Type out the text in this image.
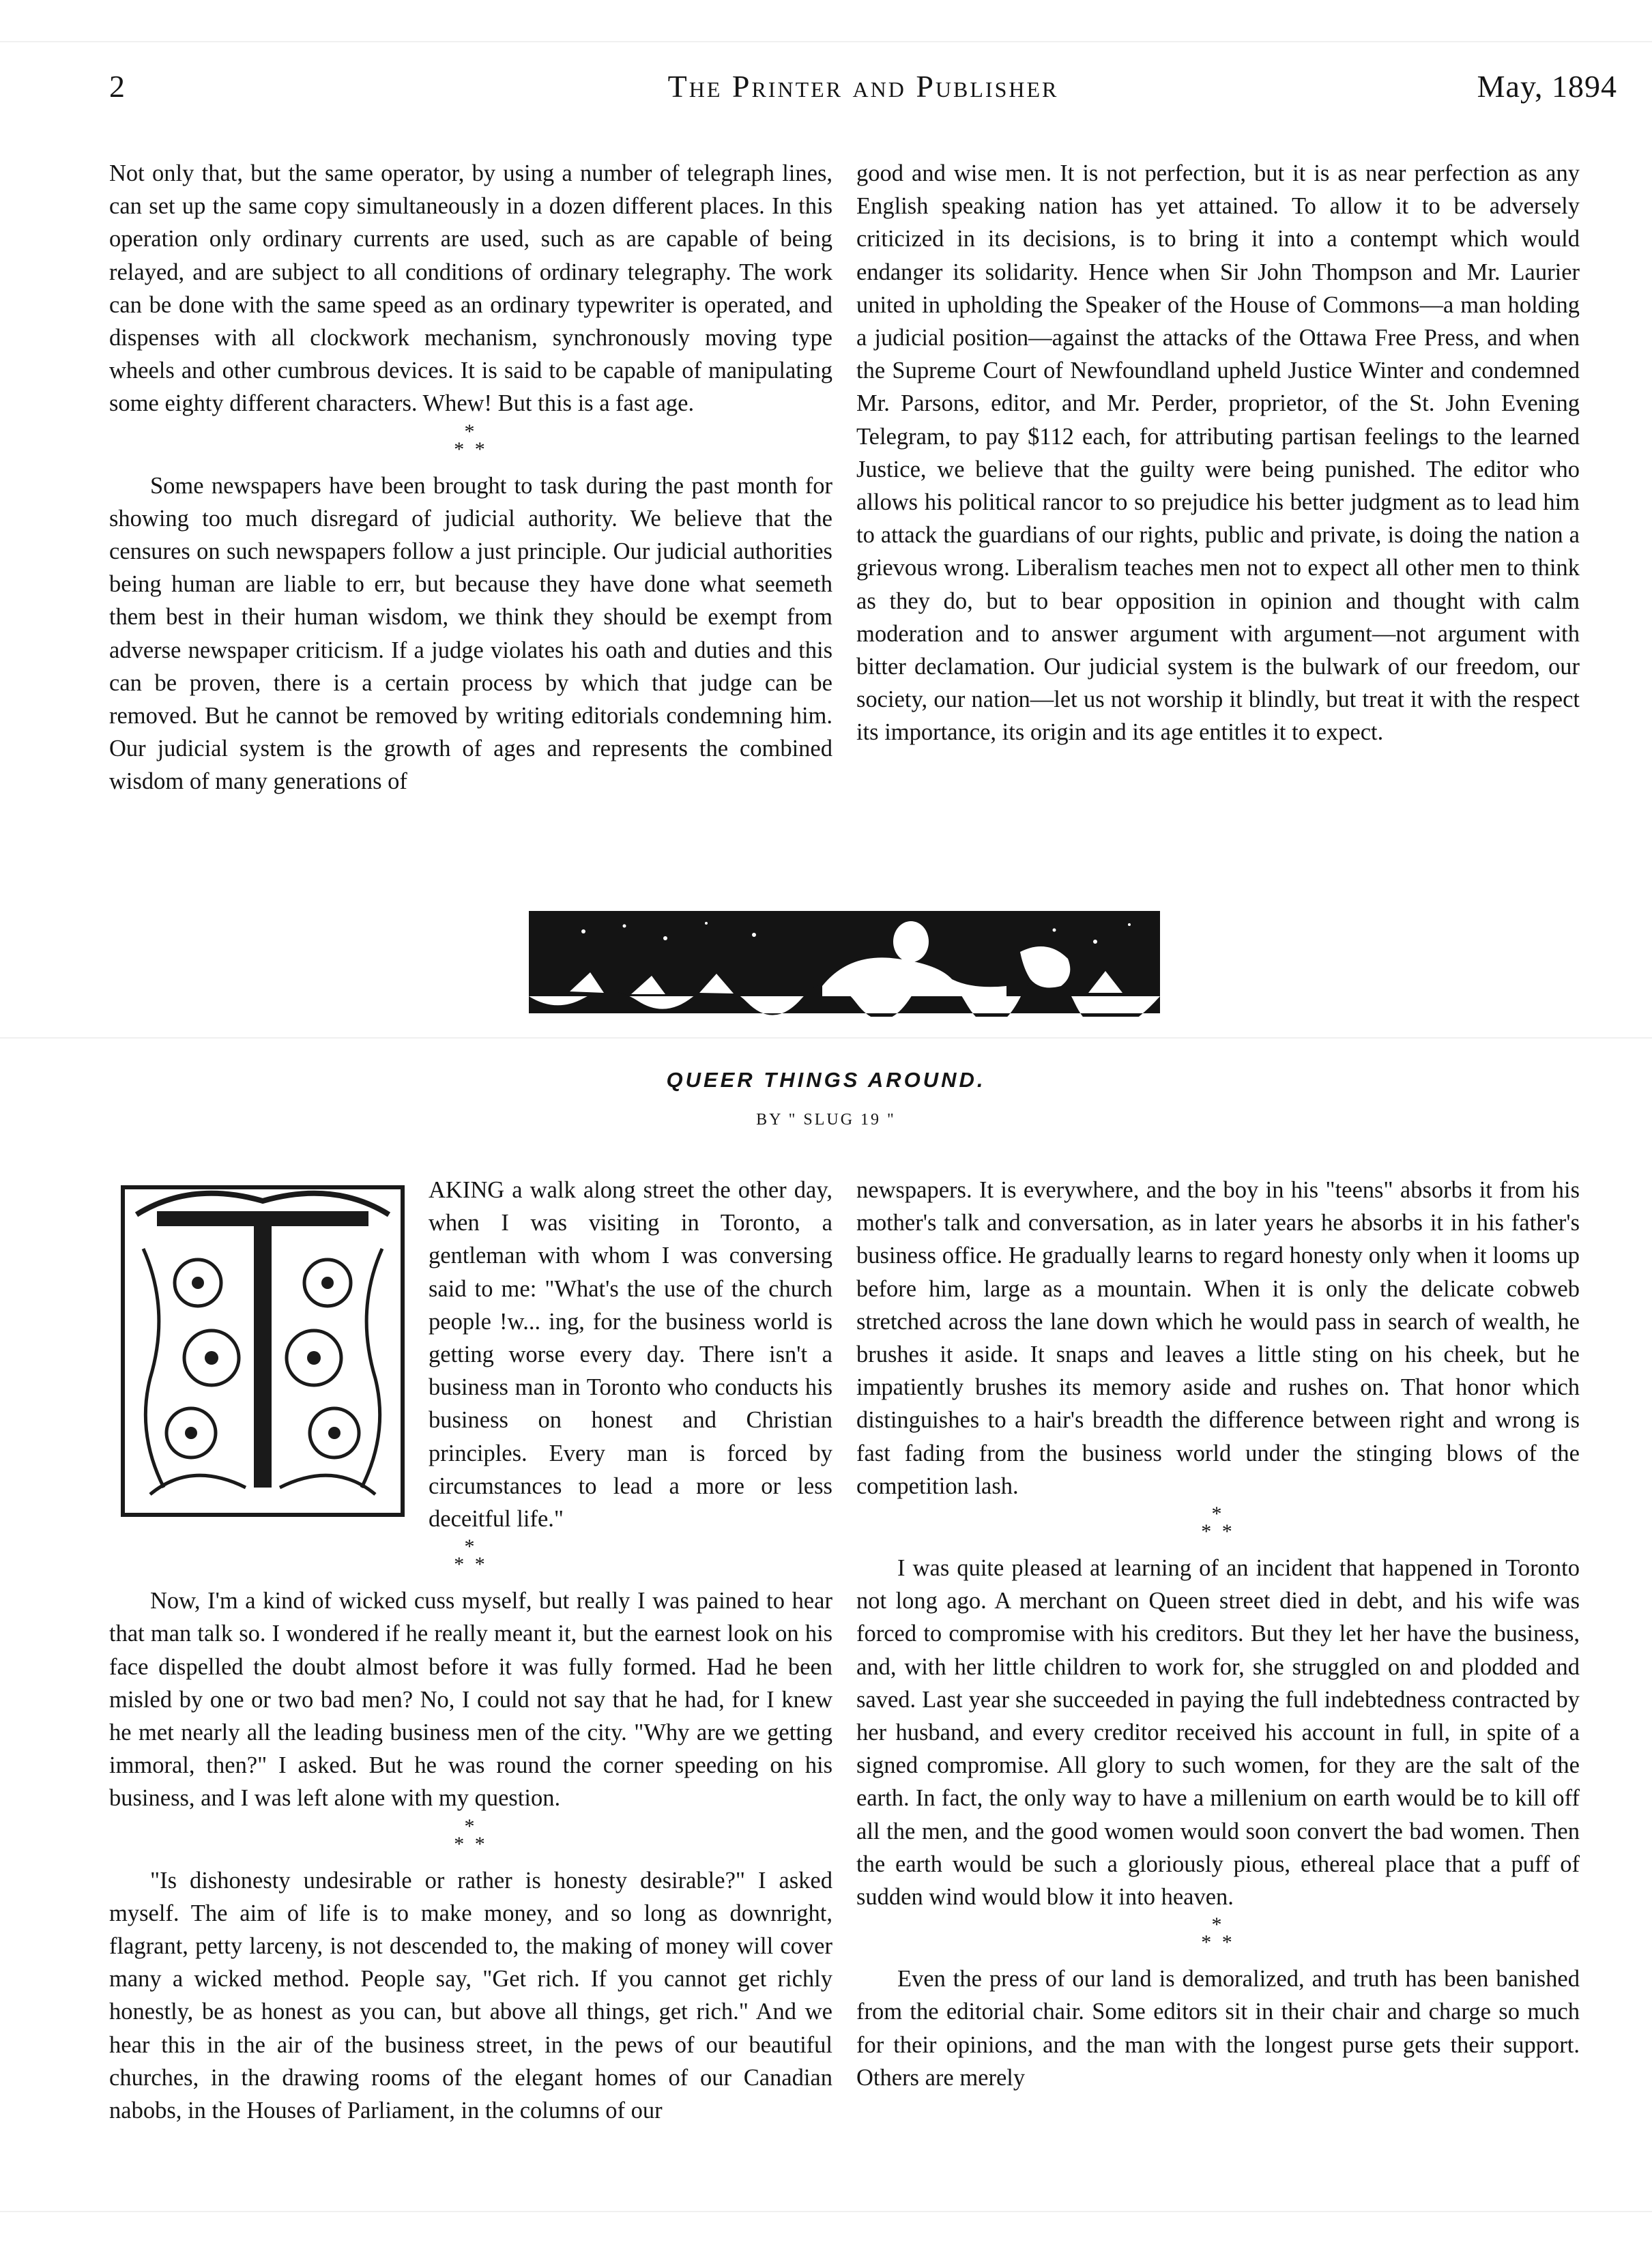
2	The Printer and Publisher	May, 1894

Not only that, but the same operator, by using a number of telegraph lines, can set up the same copy simultaneously in a dozen different places. In this operation only ordinary currents are used, such as are capable of being relayed, and are subject to all conditions of ordinary telegraphy. The work can be done with the same speed as an ordinary typewriter is operated, and dispenses with all clockwork mechanism, synchronously moving type wheels and other cumbrous devices. It is said to be capable of manipulating some eighty different characters. Whew! But this is a fast age.

*
* *

Some newspapers have been brought to task during the past month for showing too much disregard of judicial authority. We believe that the censures on such newspapers follow a just principle. Our judicial authorities being human are liable to err, but because they have done what seemeth them best in their human wisdom, we think they should be exempt from adverse newspaper criticism. If a judge violates his oath and duties and this can be proven, there is a certain process by which that judge can be removed. But he cannot be removed by writing editorials condemning him. Our judicial system is the growth of ages and represents the combined wisdom of many generations of

good and wise men. It is not perfection, but it is as near perfection as any English speaking nation has yet attained. To allow it to be adversely criticized in its decisions, is to bring it into a contempt which would endanger its solidarity. Hence when Sir John Thompson and Mr. Laurier united in upholding the Speaker of the House of Commons—a man holding a judicial position—against the attacks of the Ottawa Free Press, and when the Supreme Court of Newfoundland upheld Justice Winter and condemned Mr. Parsons, editor, and Mr. Perder, proprietor, of the St. John Evening Telegram, to pay $112 each, for attributing partisan feelings to the learned Justice, we believe that the guilty were being punished. The editor who allows his political rancor to so prejudice his better judgment as to lead him to attack the guardians of our rights, public and private, is doing the nation a grievous wrong. Liberalism teaches men not to expect all other men to think as they do, but to bear opposition in opinion and thought with calm moderation and to answer argument with argument—not argument with bitter declamation. Our judicial system is the bulwark of our freedom, our society, our nation—let us not worship it blindly, but treat it with the respect its importance, its origin and its age entitles it to expect.

QUEER THINGS AROUND.
BY " SLUG 19 "

AKING a walk along street the other day, when I was visiting in Toronto, a gentleman with whom I was conversing said to me: "What's the use of the church people !w... ing, for the business world is getting worse every day. There isn't a business man in Toronto who conducts his business on honest and Christian principles. Every man is forced by circumstances to lead a more or less deceitful life."

*
* *

Now, I'm a kind of wicked cuss myself, but really I was pained to hear that man talk so. I wondered if he really meant it, but the earnest look on his face dispelled the doubt almost before it was fully formed. Had he been misled by one or two bad men? No, I could not say that he had, for I knew he met nearly all the leading business men of the city. "Why are we getting immoral, then?" I asked. But he was round the corner speeding on his business, and I was left alone with my question.

*
* *

"Is dishonesty undesirable or rather is honesty desirable?" I asked myself. The aim of life is to make money, and so long as downright, flagrant, petty larceny, is not descended to, the making of money will cover many a wicked method. People say, "Get rich. If you cannot get richly honestly, be as honest as you can, but above all things, get rich." And we hear this in the air of the business street, in the pews of our beautiful churches, in the drawing rooms of the elegant homes of our Canadian nabobs, in the Houses of Parliament, in the columns of our

newspapers. It is everywhere, and the boy in his "teens" absorbs it from his mother's talk and conversation, as in later years he absorbs it in his father's business office. He gradually learns to regard honesty only when it looms up before him, large as a mountain. When it is only the delicate cobweb stretched across the lane down which he would pass in search of wealth, he brushes it aside. It snaps and leaves a little sting on his cheek, but he impatiently brushes its memory aside and rushes on. That honor which distinguishes to a hair's breadth the difference between right and wrong is fast fading from the business world under the stinging blows of the competition lash.

*
* *

I was quite pleased at learning of an incident that happened in Toronto not long ago. A merchant on Queen street died in debt, and his wife was forced to compromise with his creditors. But they let her have the business, and, with her little children to work for, she struggled on and plodded and saved. Last year she succeeded in paying the full indebtedness contracted by her husband, and every creditor received his account in full, in spite of a signed compromise. All glory to such women, for they are the salt of the earth. In fact, the only way to have a millenium on earth would be to kill off all the men, and the good women would soon convert the bad women. Then the earth would be such a gloriously pious, ethereal place that a puff of sudden wind would blow it into heaven.

*
* *

Even the press of our land is demoralized, and truth has been banished from the editorial chair. Some editors sit in their chair and charge so much for their opinions, and the man with the longest purse gets their support. Others are merely
